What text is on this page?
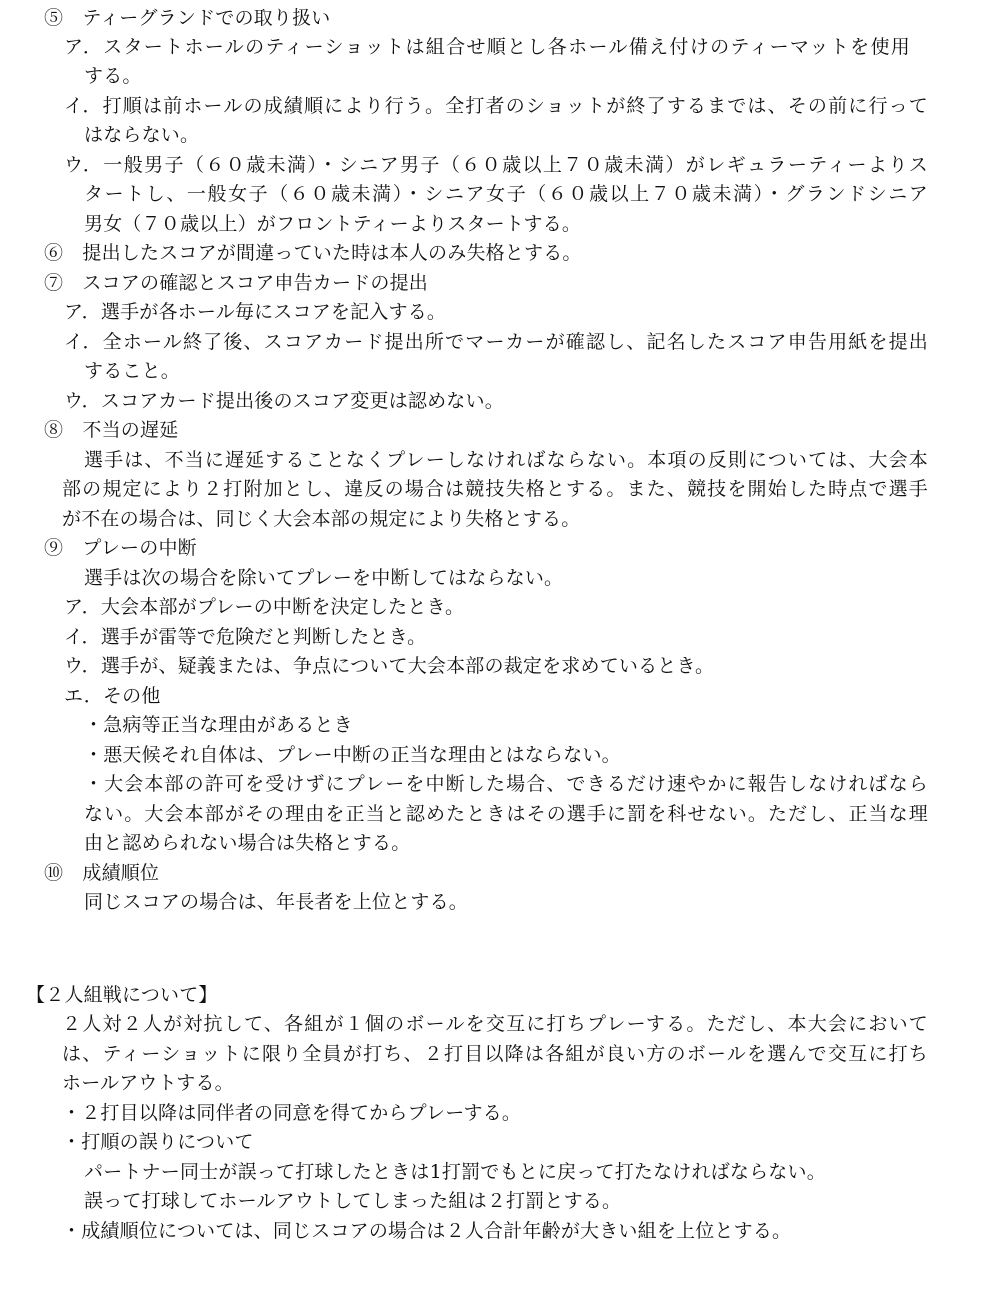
⑤　ティーグランドでの取り扱い
ア．スタートホールのティーショットは組合せ順とし各ホール備え付けのティーマットを使用
する。
イ．打順は前ホールの成績順により行う。全打者のショットが終了するまでは、その前に行って
はならない。
ウ．一般男子（６０歳未満）・シニア男子（６０歳以上７０歳未満）がレギュラーティーよりス
タートし、一般女子（６０歳未満）・シニア女子（６０歳以上７０歳未満）・グランドシニア
男女（７０歳以上）がフロントティーよりスタートする。
⑥　提出したスコアが間違っていた時は本人のみ失格とする。
⑦　スコアの確認とスコア申告カードの提出
ア．選手が各ホール毎にスコアを記入する。
イ．全ホール終了後、スコアカード提出所でマーカーが確認し、記名したスコア申告用紙を提出
すること。
ウ．スコアカード提出後のスコア変更は認めない。
⑧　不当の遅延
選手は、不当に遅延することなくプレーしなければならない。本項の反則については、大会本
部の規定により２打附加とし、違反の場合は競技失格とする。また、競技を開始した時点で選手
が不在の場合は、同じく大会本部の規定により失格とする。
⑨　プレーの中断
選手は次の場合を除いてプレーを中断してはならない。
ア．大会本部がプレーの中断を決定したとき。
イ．選手が雷等で危険だと判断したとき。
ウ．選手が、疑義または、争点について大会本部の裁定を求めているとき。
エ．その他
・急病等正当な理由があるとき
・悪天候それ自体は、プレー中断の正当な理由とはならない。
・大会本部の許可を受けずにプレーを中断した場合、できるだけ速やかに報告しなければなら
ない。大会本部がその理由を正当と認めたときはその選手に罰を科せない。ただし、正当な理
由と認められない場合は失格とする。
⑩　成績順位
同じスコアの場合は、年長者を上位とする。
【２人組戦について】
２人対２人が対抗して、各組が１個のボールを交互に打ちプレーする。ただし、本大会において
は、ティーショットに限り全員が打ち、２打目以降は各組が良い方のボールを選んで交互に打ち
ホールアウトする。
・２打目以降は同伴者の同意を得てからプレーする。
・打順の誤りについて
パートナー同士が誤って打球したときは1打罰でもとに戻って打たなければならない。
誤って打球してホールアウトしてしまった組は２打罰とする。
・成績順位については、同じスコアの場合は２人合計年齢が大きい組を上位とする。
